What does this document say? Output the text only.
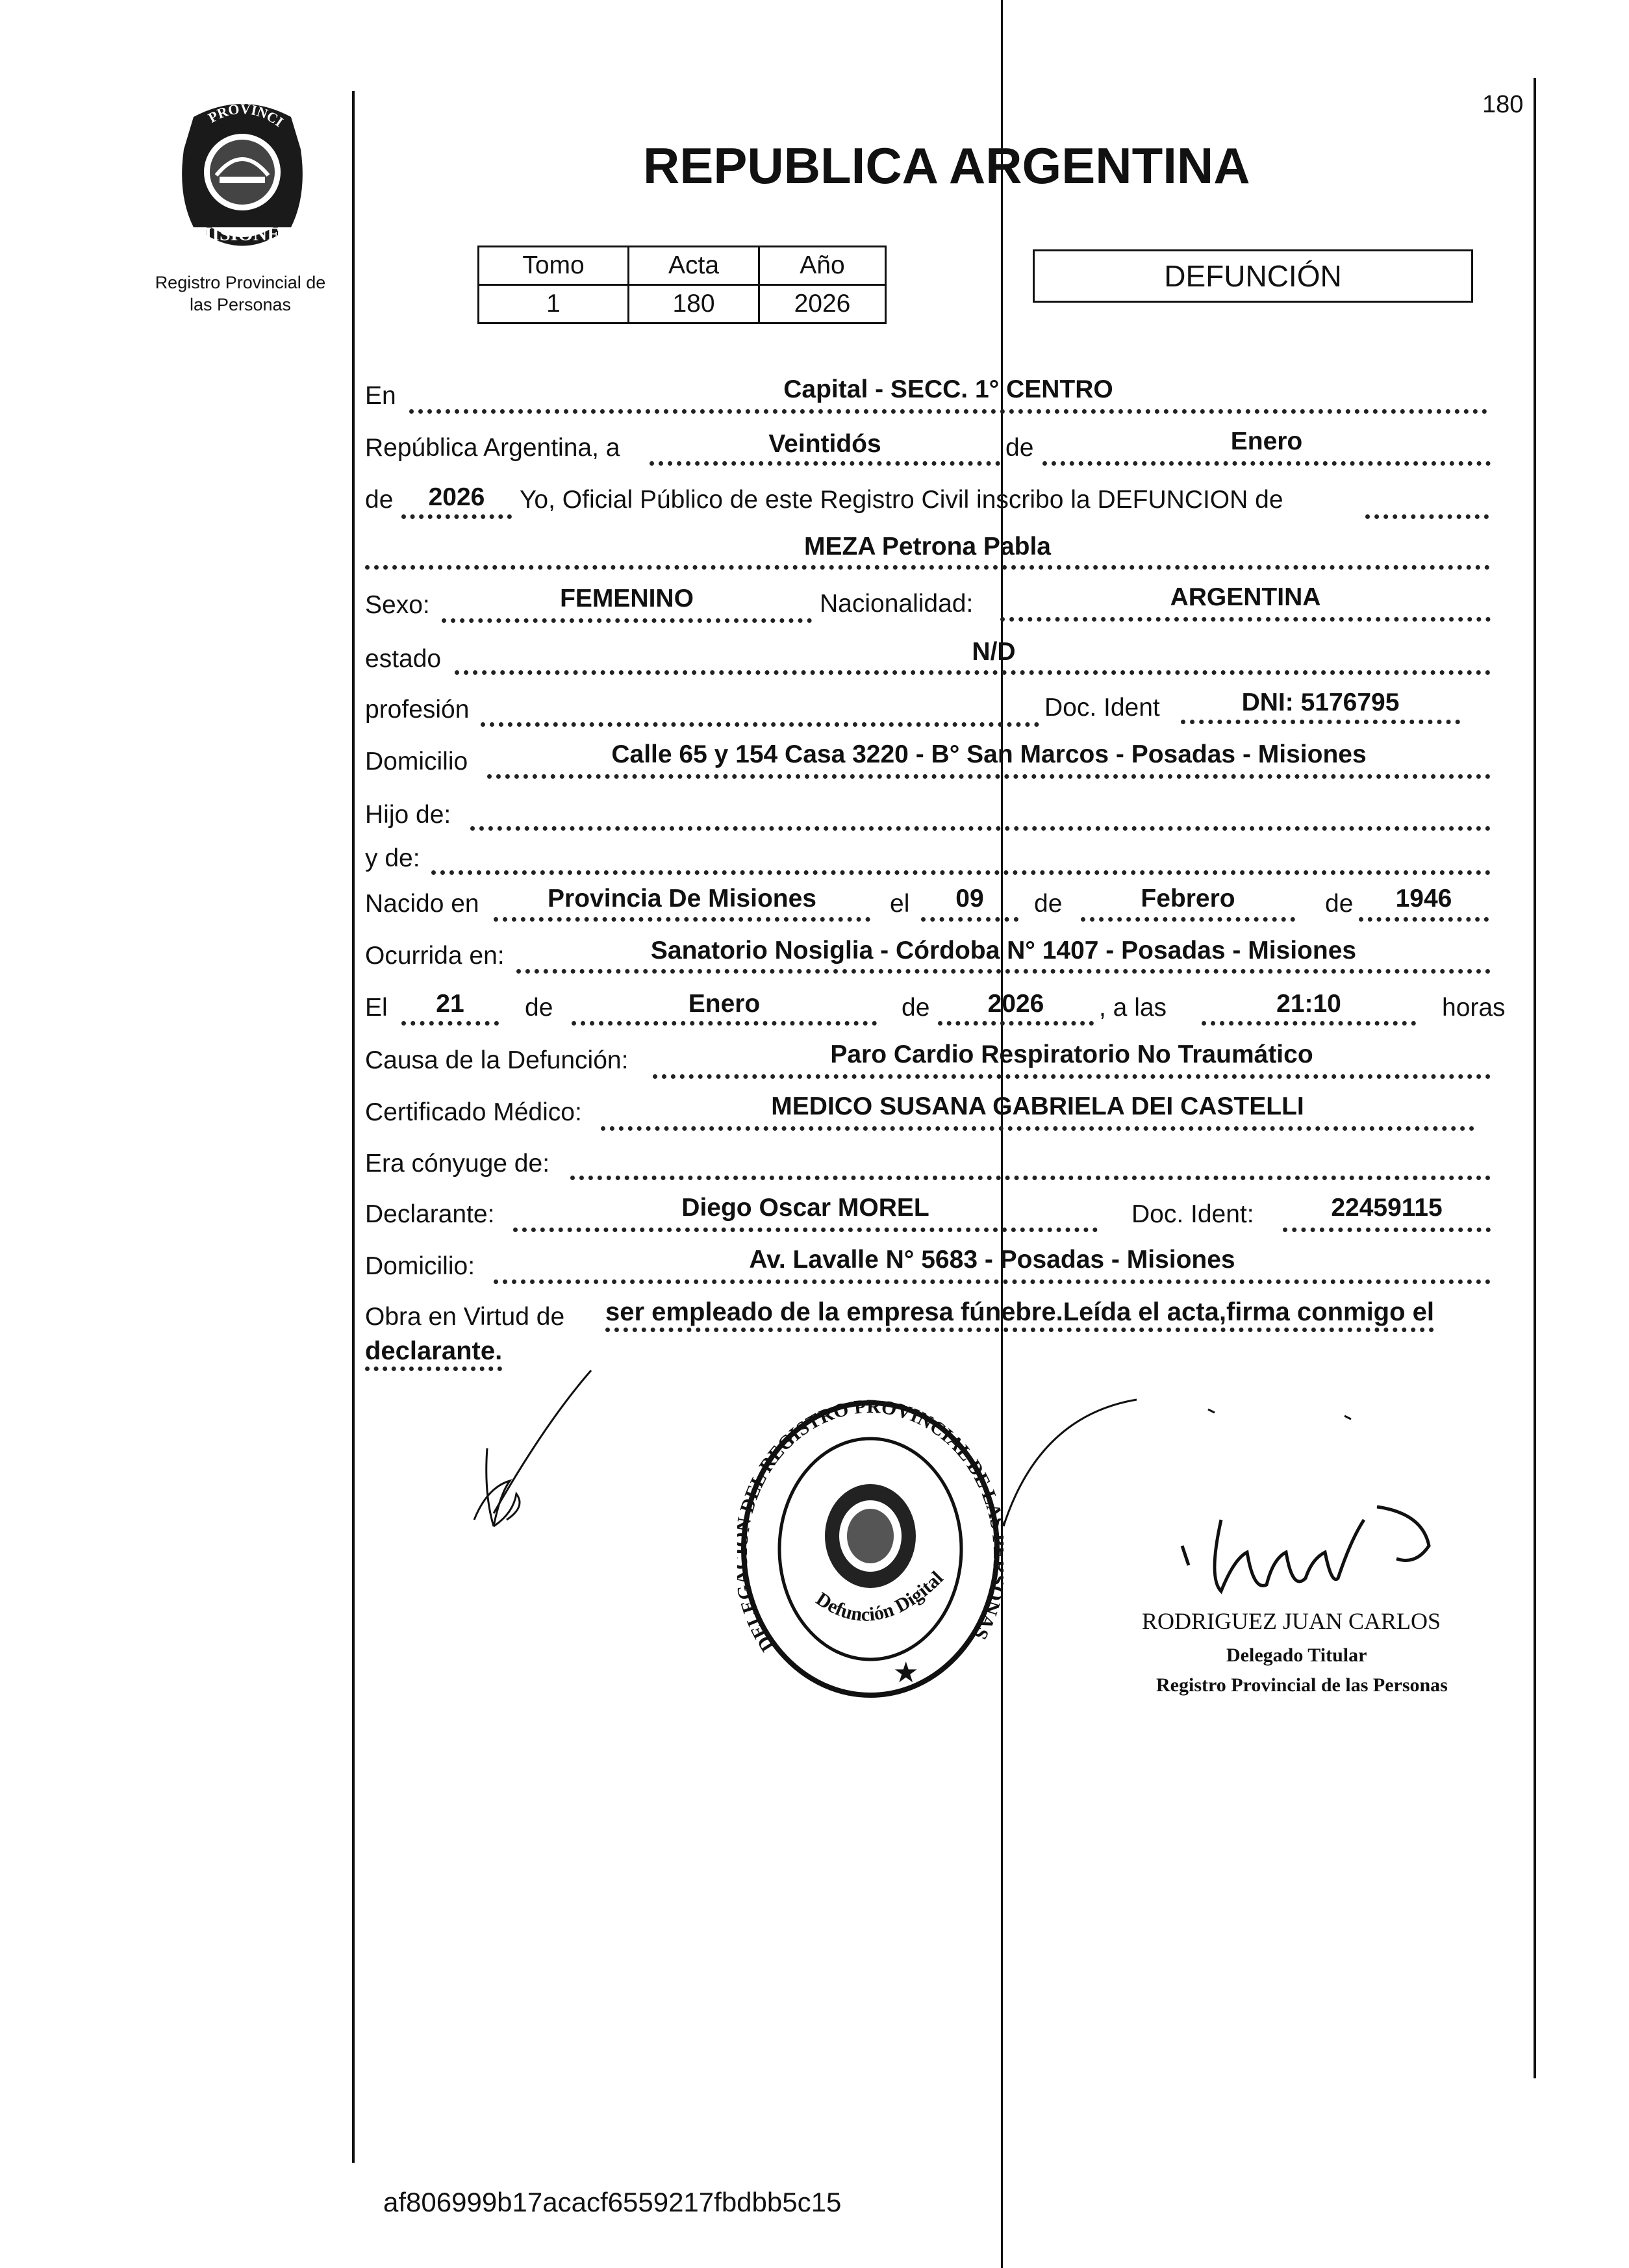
PROVINCI
MISIONES
Registro Provincial de
las Personas
180
REPUBLICA ARGENTINA
Tomo	Acta	Año
1	180	2026
DEFUNCIÓN
En	Capital - SECC. 1° CENTRO
República Argentina, a	Veintidós	de	Enero
de	2026	Yo, Oficial Público de este Registro Civil inscribo la DEFUNCION de
MEZA Petrona Pabla
Sexo:	FEMENINO	Nacionalidad:	ARGENTINA
estado	N/D
profesión	Doc. Ident	DNI: 5176795
Domicilio	Calle 65 y 154 Casa 3220 - B° San Marcos - Posadas - Misiones
Hijo de:
y de:
Nacido en	Provincia De Misiones	el	09	de	Febrero	de	1946
Ocurrida en:	Sanatorio Nosiglia - Córdoba N° 1407 - Posadas - Misiones
El	21	de	Enero	de	2026	, a las	21:10	horas
Causa de la Defunción:	Paro Cardio Respiratorio No Traumático
Certificado Médico:	MEDICO SUSANA GABRIELA DEI CASTELLI
Era cónyuge de:
Declarante:	Diego Oscar MOREL	Doc. Ident:	22459115
Domicilio:	Av. Lavalle N° 5683 - Posadas - Misiones
Obra en Virtud de ser empleado de la empresa fúnebre.Leída el acta,firma conmigo el
declarante.
DELE DEL REGISTRO PROVINCIAL DE L NAS
Defunción Digital
★
RODRIGUEZ JUAN CARLOS
Delegado Titular
Registro Provincial de las Personas
af806999b17acacf6559217fbdbb5c15
